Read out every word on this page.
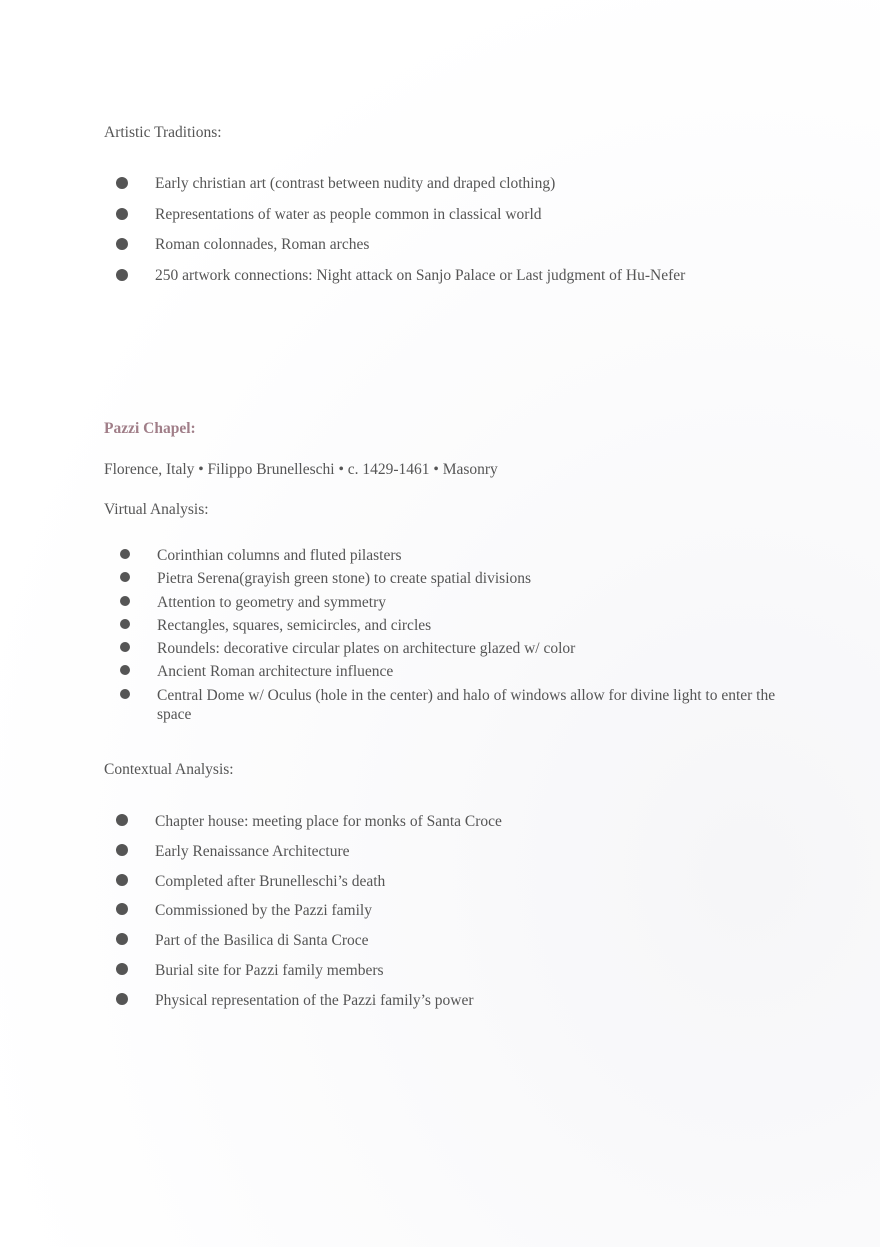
Artistic Traditions:
Early christian art (contrast between nudity and draped clothing)
Representations of water as people common in classical world
Roman colonnades, Roman arches
250 artwork connections: Night attack on Sanjo Palace or Last judgment of Hu-Nefer
Pazzi Chapel:
Florence, Italy • Filippo Brunelleschi • c. 1429-1461 • Masonry
Virtual Analysis:
Corinthian columns and fluted pilasters
Pietra Serena(grayish green stone) to create spatial divisions
Attention to geometry and symmetry
Rectangles, squares, semicircles, and circles
Roundels: decorative circular plates on architecture glazed w/ color
Ancient Roman architecture influence
Central Dome w/ Oculus (hole in the center) and halo of windows allow for divine light to enter the space
Contextual Analysis:
Chapter house: meeting place for monks of Santa Croce
Early Renaissance Architecture
Completed after Brunelleschi’s death
Commissioned by the Pazzi family
Part of the Basilica di Santa Croce
Burial site for Pazzi family members
Physical representation of the Pazzi family’s power
